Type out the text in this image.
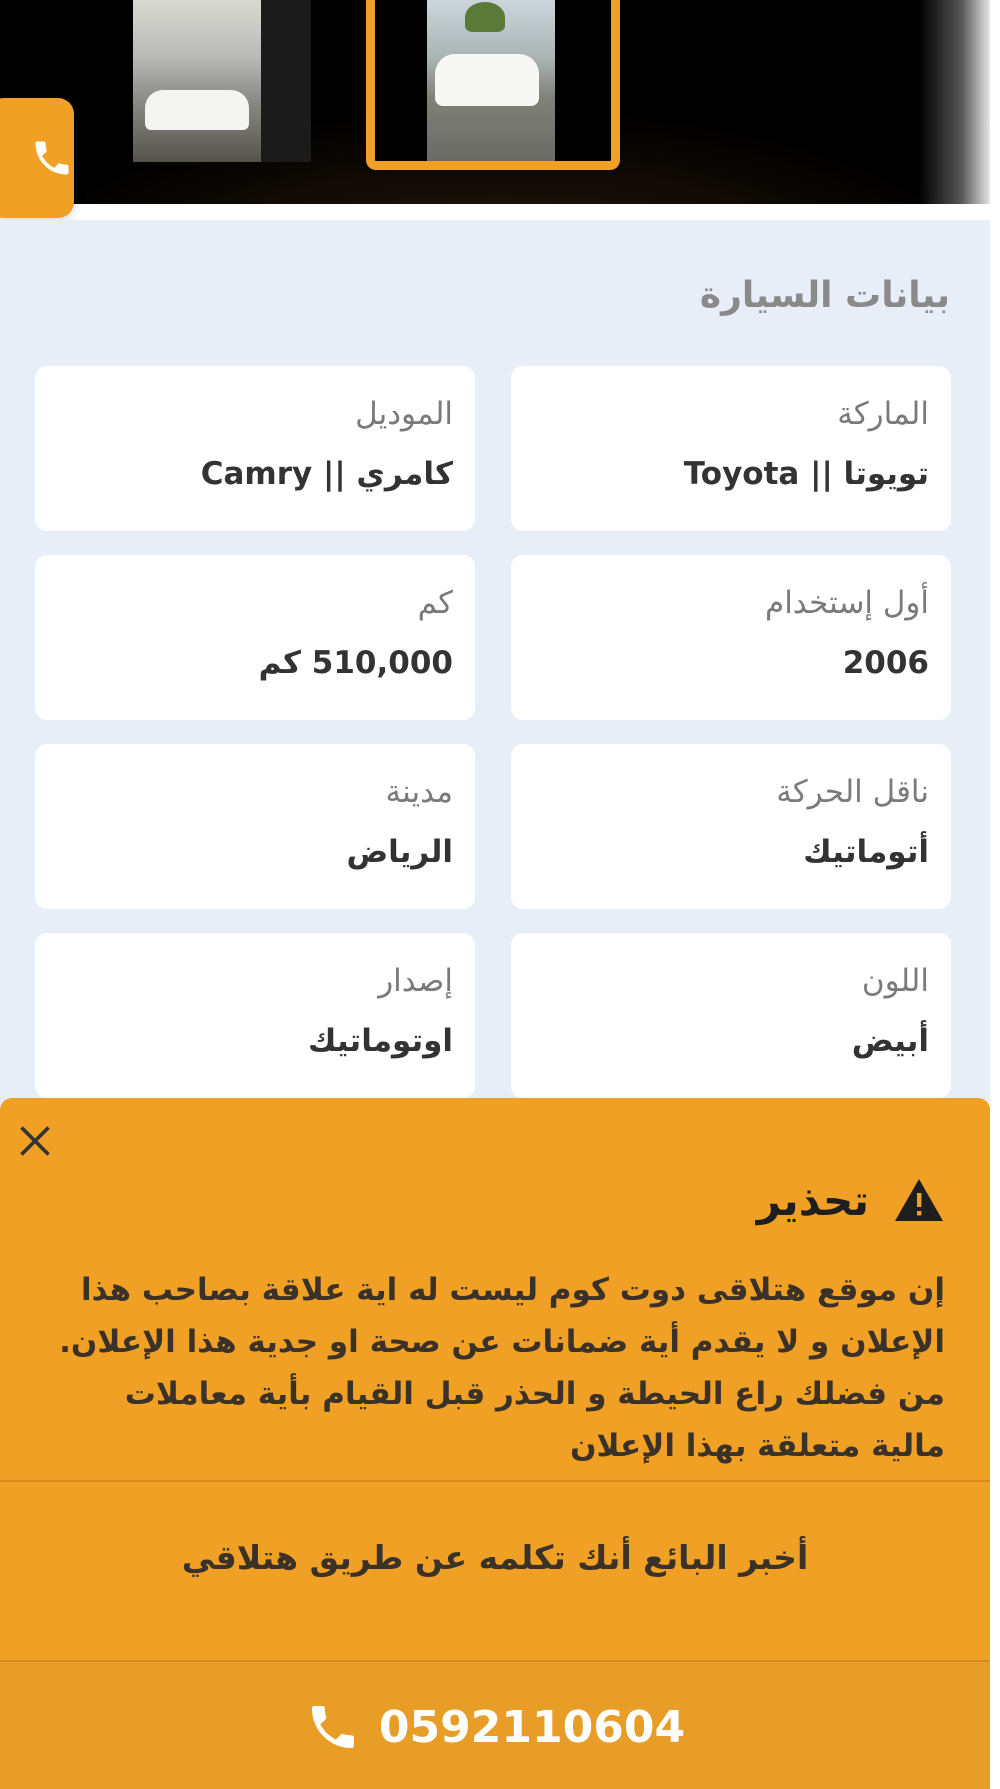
بيانات السيارة
الماركة
تويوتا || Toyota
الموديل
كامري || Camry
أول إستخدام
2006
كم
510,000 كم
ناقل الحركة
أتوماتيك
مدينة
الرياض
اللون
أبيض
إصدار
اوتوماتيك
تحذير
إن موقع هتلاقى دوت كوم ليست له اية علاقة بصاحب هذا الإعلان و لا يقدم أية ضمانات عن صحة او جدية هذا الإعلان. من فضلك راع الحيطة و الحذر قبل القيام بأية معاملات مالية متعلقة بهذا الإعلان
أخبر البائع أنك تكلمه عن طريق هتلاقي
0592110604
